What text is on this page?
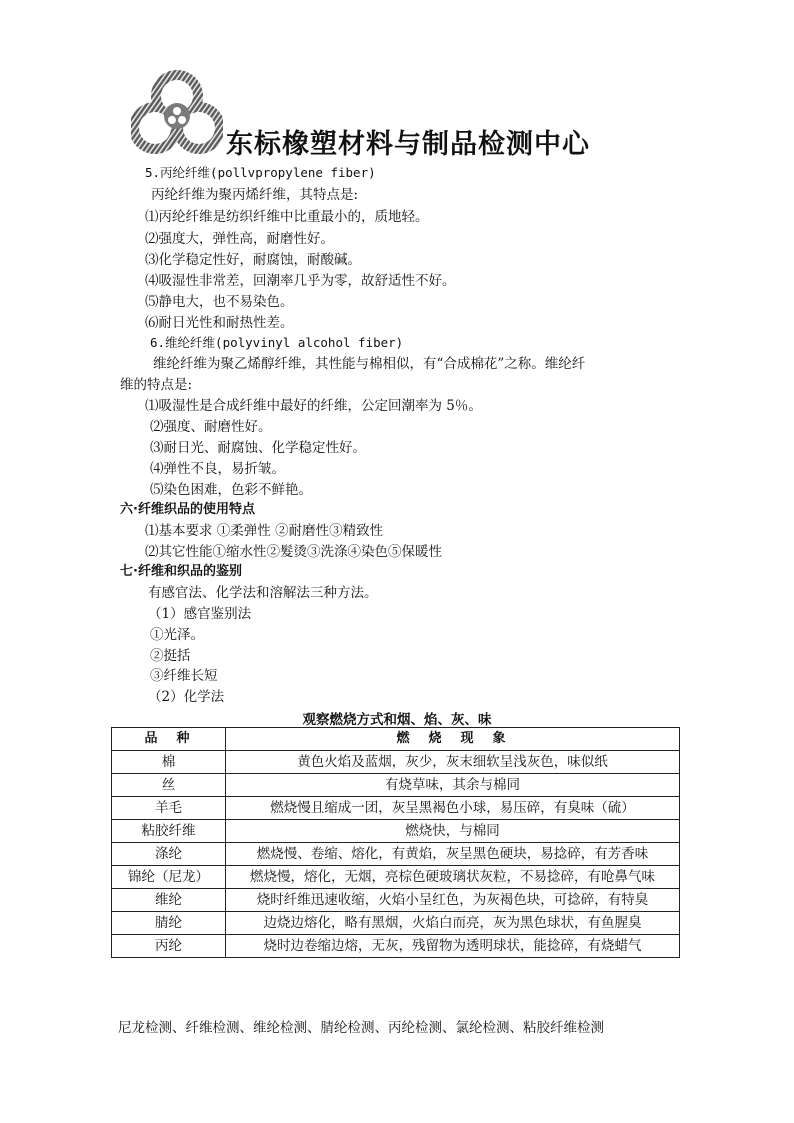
东标橡塑材料与制品检测中心
5.丙纶纤维(pollvpropylene fiber)
丙纶纤维为聚丙烯纤维，其特点是:
⑴丙纶纤维是纺织纤维中比重最小的，质地轻。
⑵强度大，弹性高，耐磨性好。
⑶化学稳定性好，耐腐蚀，耐酸碱。
⑷吸湿性非常差，回潮率几乎为零，故舒适性不好。
⑸静电大，也不易染色。
⑹耐日光性和耐热性差。
6.维纶纤维(polyvinyl alcohol fiber)
维纶纤维为聚乙烯醇纤维，其性能与棉相似，有“合成棉花”之称。维纶纤
维的特点是:
⑴吸湿性是合成纤维中最好的纤维，公定回潮率为 5％。
⑵强度、耐磨性好。
⑶耐日光、耐腐蚀、化学稳定性好。
⑷弹性不良，易折皱。
⑸染色困难，色彩不鲜艳。
六·纤维织品的使用特点
⑴基本要求 ①柔弹性 ②耐磨性③精致性
⑵其它性能①缩水性②髮烫③洗涤④染色⑤保暖性
七·纤维和织品的鉴别
有感官法、化学法和溶解法三种方法。
（1）感官鉴别法
①光泽。
②挺括
③纤维长短
（2）化学法
观察燃烧方式和烟、焰、灰、味
品　种	燃　烧　现　象
棉	黄色火焰及蓝烟，灰少，灰末细软呈浅灰色，味似纸
丝	有烧草味，其余与棉同
羊毛	燃烧慢且缩成一团，灰呈黑褐色小球，易压碎，有臭味（硫）
粘胶纤维	燃烧快，与棉同
涤纶	燃烧慢、卷缩、熔化，有黄焰，灰呈黑色硬块，易捻碎，有芳香味
锦纶（尼龙）	燃烧慢，熔化，无烟，亮棕色硬玻璃状灰粒，不易捻碎，有呛鼻气味
维纶	烧时纤维迅速收缩，火焰小呈红色，为灰褐色块，可捻碎，有特臭
腈纶	边烧边熔化，略有黑烟，火焰白而亮，灰为黑色球状，有鱼腥臭
丙纶	烧时边卷缩边熔，无灰，残留物为透明球状，能捻碎，有烧蜡气
尼龙检测、纤维检测、维纶检测、腈纶检测、丙纶检测、氯纶检测、粘胶纤维检测
